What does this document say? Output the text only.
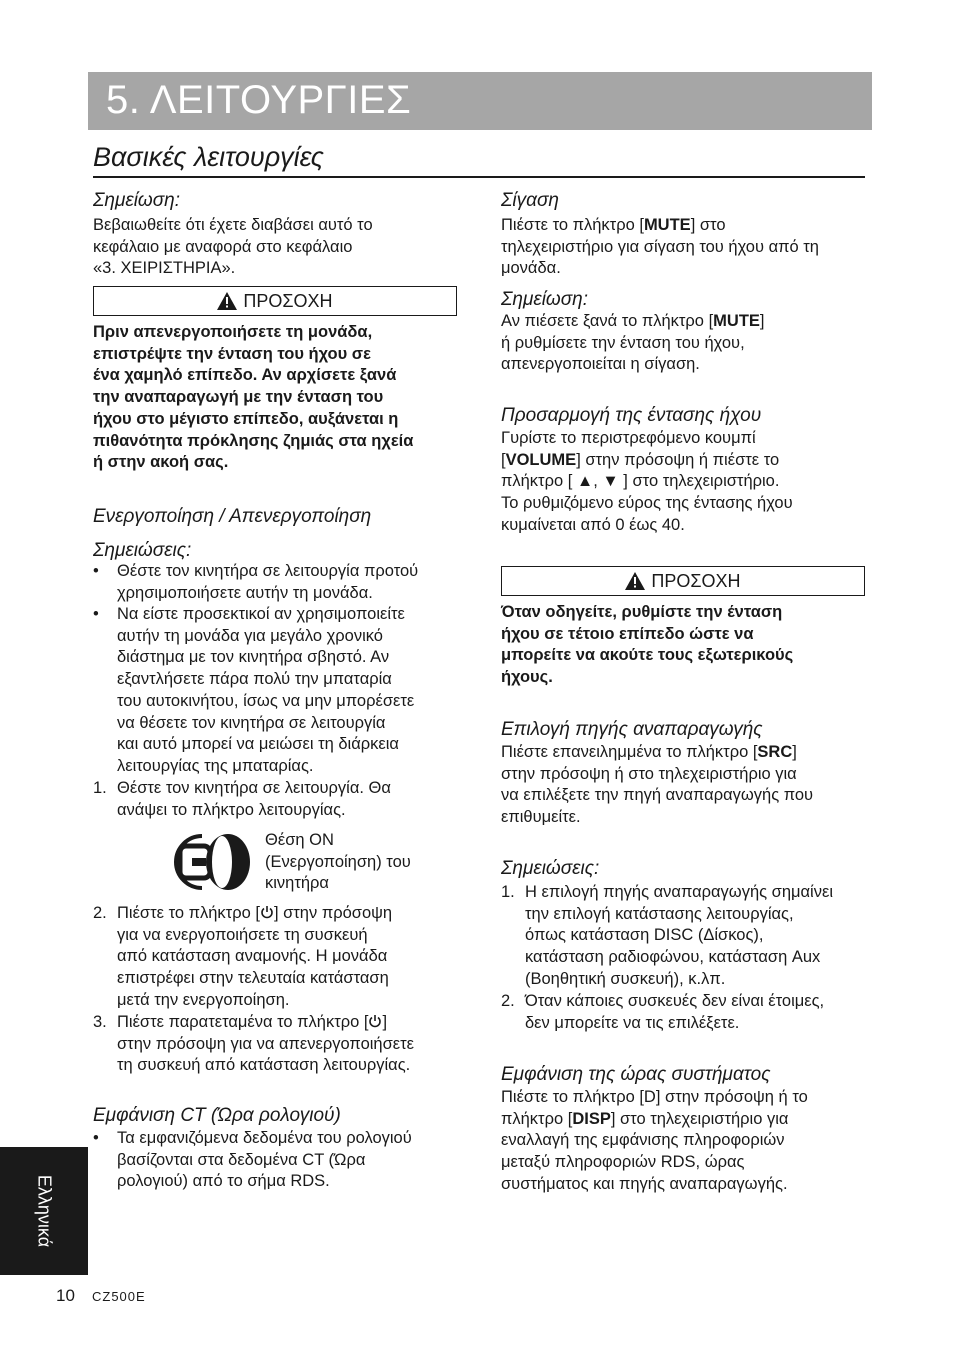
5. ΛΕΙΤΟΥΡΓΙΕΣ
Βασικές λειτουργίες
Σημείωση:
Βεβαιωθείτε ότι έχετε διαβάσει αυτό το
κεφάλαιο με αναφορά στο κεφάλαιο
«3. ΧΕΙΡΙΣΤΗΡΙΑ».
ΠΡΟΣΟΧΗ
Πριν απενεργοποιήσετε τη μονάδα,
επιστρέψτε την ένταση του ήχου σε
ένα χαμηλό επίπεδο. Αν αρχίσετε ξανά
την αναπαραγωγή με την ένταση του
ήχου στο μέγιστο επίπεδο, αυξάνεται η
πιθανότητα πρόκλησης ζημιάς στα ηχεία
ή στην ακοή σας.
Ενεργοποίηση / Απενεργοποίηση
Σημειώσεις:
• Θέστε τον κινητήρα σε λειτουργία προτού
χρησιμοποιήσετε αυτήν τη μονάδα.
• Να είστε προσεκτικοί αν χρησιμοποιείτε
αυτήν τη μονάδα για μεγάλο χρονικό
διάστημα με τον κινητήρα σβηστό. Αν
εξαντλήσετε πάρα πολύ την μπαταρία
του αυτοκινήτου, ίσως να μην μπορέσετε
να θέσετε τον κινητήρα σε λειτουργία
και αυτό μπορεί να μειώσει τη διάρκεια
λειτουργίας της μπαταρίας.
1. Θέστε τον κινητήρα σε λειτουργία. Θα
ανάψει το πλήκτρο λειτουργίας.
Θέση ON
(Ενεργοποίηση) του
κινητήρα
2. Πιέστε το πλήκτρο [ ] στην πρόσοψη
για να ενεργοποιήσετε τη συσκευή
από κατάσταση αναμονής. Η μονάδα
επιστρέφει στην τελευταία κατάσταση
μετά την ενεργοποίηση.
3. Πιέστε παρατεταμένα το πλήκτρο [ ]
στην πρόσοψη για να απενεργοποιήσετε
τη συσκευή από κατάσταση λειτουργίας.
Εμφάνιση CT (Ώρα ρολογιού)
• Τα εμφανιζόμενα δεδομένα του ρολογιού
βασίζονται στα δεδομένα CT (Ώρα
ρολογιού) από το σήμα RDS.
Σίγαση
Πιέστε το πλήκτρο [MUTE] στο
τηλεχειριστήριο για σίγαση του ήχου από τη
μονάδα.
Σημείωση:
Αν πιέσετε ξανά το πλήκτρο [MUTE]
ή ρυθμίσετε την ένταση του ήχου,
απενεργοποιείται η σίγαση.
Προσαρμογή της έντασης ήχου
Γυρίστε το περιστρεφόμενο κουμπί
[VOLUME] στην πρόσοψη ή πιέστε το
πλήκτρο [ ▲, ▼ ] στο τηλεχειριστήριο.
Το ρυθμιζόμενο εύρος της έντασης ήχου
κυμαίνεται από 0 έως 40.
ΠΡΟΣΟΧΗ
Όταν οδηγείτε, ρυθμίστε την ένταση
ήχου σε τέτοιο επίπεδο ώστε να
μπορείτε να ακούτε τους εξωτερικούς
ήχους.
Επιλογή πηγής αναπαραγωγής
Πιέστε επανειλημμένα το πλήκτρο [SRC]
στην πρόσοψη ή στο τηλεχειριστήριο για
να επιλέξετε την πηγή αναπαραγωγής που
επιθυμείτε.
Σημειώσεις:
1. Η επιλογή πηγής αναπαραγωγής σημαίνει
την επιλογή κατάστασης λειτουργίας,
όπως κατάσταση DISC (Δίσκος),
κατάσταση ραδιοφώνου, κατάσταση Aux
(Βοηθητική συσκευή), κ.λπ.
2. Όταν κάποιες συσκευές δεν είναι έτοιμες,
δεν μπορείτε να τις επιλέξετε.
Εμφάνιση της ώρας συστήματος
Πιέστε το πλήκτρο [D] στην πρόσοψη ή το
πλήκτρο [DISP] στο τηλεχειριστήριο για
εναλλαγή της εμφάνισης πληροφοριών
μεταξύ πληροφοριών RDS, ώρας
συστήματος και πηγής αναπαραγωγής.
Ελληνικά
10 CZ500E
